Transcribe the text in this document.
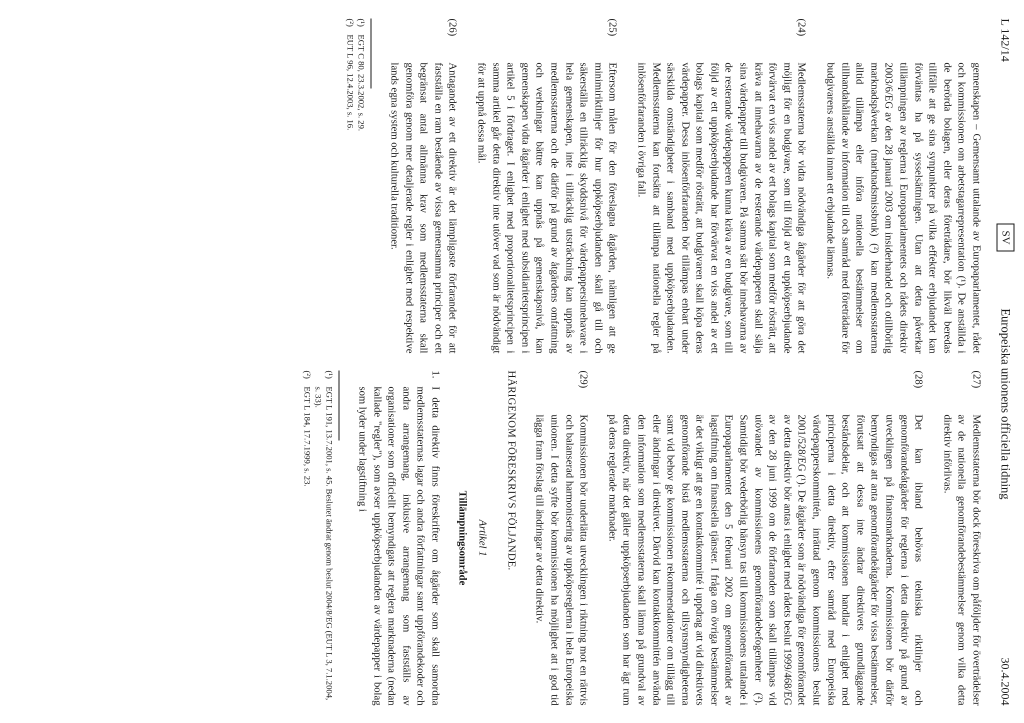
L 142/14
SV
Europeiska unionens officiella tidning
30.4.2004
gemenskapen – Gemensamt uttalande av Europaparlamentet, rådet och kommissionen om arbetstagarrepresentation (¹). De anställda i de berörda bolagen, eller deras företrädare, bör likväl beredas tillfälle att ge sina synpunkter på vilka effekter erbjudandet kan förväntas ha på sysselsättningen. Utan att detta påverkar tillämpningen av reglerna i Europaparlamentets och rådets direktiv 2003/6/EG av den 28 januari 2003 om insiderhandel och otillbörlig marknadspåverkan (marknadsmissbruk) (²) kan medlemsstaterna alltid tillämpa eller införa nationella bestämmelser om tillhandahållande av information till och samråd med företrädare för budgivarens anställda innan ett erbjudande lämnas.
(24)
Medlemsstaterna bör vidta nödvändiga åtgärder för att göra det möjligt för en budgivare, som till följd av ett uppköpserbjudande förvärvat en viss andel av ett bolags kapital som medför rösträtt, att kräva att innehavarna av de resterande värdepapperen skall sälja sina värdepapper till budgivaren. På samma sätt bör innehavarna av de resterande värdepapperen kunna kräva av en budgivare, som till följd av ett uppköpserbjudande har förvärvat en viss andel av ett bolags kapital som medför rösträtt, att budgivaren skall köpa deras värdepapper. Dessa inlösenförfaranden bör tillämpas enbart under särskilda omständigheter i samband med uppköpserbjudanden. Medlemsstaterna kan fortsätta att tillämpa nationella regler på inlösenförfaranden i övriga fall.
(25)
Eftersom målen för den föreslagna åtgärden, nämligen att ge minimiriktlinjer för hur uppköpserbjudanden skall gå till och säkerställa en tillräcklig skyddsnivå för värdepappersinnehavare i hela gemenskapen, inte i tillräcklig utsträckning kan uppnås av medlemsstaterna och de därför på grund av åtgärdens omfattning och verkningar bättre kan uppnås på gemenskapsnivå, kan gemenskapen vidta åtgärder i enlighet med subsidiaritetsprincipen i artikel 5 i fördraget. I enlighet med proportionalitetsprincipen i samma artikel går detta direktiv inte utöver vad som är nödvändigt för att uppnå dessa mål.
(26)
Antagandet av ett direktiv är det lämpligaste förfarandet för att fastställa en ram bestående av vissa gemensamma principer och ett begränsat antal allmänna krav som medlemsstaterna skall genomföra genom mer detaljerade regler i enlighet med respektive lands egna system och kulturella traditioner.
(¹)
EGT C 80, 23.3.2002, s. 29.
(²)
EUT L 96, 12.4.2003, s. 16.
(27)
Medlemsstaterna bör dock föreskriva om påföljder för överträdelser av de nationella genomförandebestämmelser genom vilka detta direktiv införlivas.
(28)
Det kan ibland behövas tekniska riktlinjer och genomförandeåtgärder för reglerna i detta direktiv på grund av utvecklingen på finansmarknaderna. Kommissionen bör därför bemyndigas att anta genomförandeåtgärder för vissa bestämmelser, förutsatt att dessa inte ändrar direktivets grundläggande beståndsdelar, och att kommissionen handlar i enlighet med principerna i detta direktiv, efter samråd med Europeiska värdepapperskommittén, inrättad genom kommissionens beslut 2001/528/EG (¹). De åtgärder som är nödvändiga för genomförandet av detta direktiv bör antas i enlighet med rådets beslut 1999/468/EG av den 28 juni 1999 om de förfaranden som skall tillämpas vid utövandet av kommissionens genomförandebefogenheter (²). Samtidigt bör vederbörlig hänsyn tas till kommissionens uttalande i Europaparlamentet den 5 februari 2002 om genomförandet av lagstiftning om finansiella tjänster. I fråga om övriga bestämmelser är det viktigt att ge en kontaktkommitté i uppdrag att vid direktivets genomförande bistå medlemsstaterna och tillsynsmyndigheterna samt vid behov ge kommissionen rekommendationer om tillägg till eller ändringar i direktivet. Därvid kan kontaktkommittén använda den information som medlemsstaterna skall lämna på grundval av detta direktiv, när det gäller uppköpserbjudanden som har ägt rum på deras reglerade marknader.
(29)
Kommissionen bör underlätta utvecklingen i riktning mot en rättvis och balanserad harmonisering av uppköpsreglerna i hela Europeiska unionen. I detta syfte bör kommissionen ha möjlighet att i god tid lägga fram förslag till ändringar av detta direktiv.
HÄRIGENOM FÖRESKRIVS FÖLJANDE.
Artikel 1
Tillämpningsområde
1.
I detta direktiv finns föreskrifter om åtgärder som skall samordna medlemsstaternas lagar och andra författningar samt uppförandekoder och andra arrangemang, inklusive arrangemang som fastställs av organisationer som officiellt bemyndigats att reglera marknaderna (nedan kallade "regler"), som avser uppköpserbjudanden av värdepapper i bolag som lyder under lagstiftning i
(¹)
EGT L 191, 13.7.2001, s. 45. Beslutet ändrat genom beslut 2004/8/EG (EUT L 3, 7.1.2004, s. 33).
(²)
EGT L 184, 17.7.1999, s. 23.
